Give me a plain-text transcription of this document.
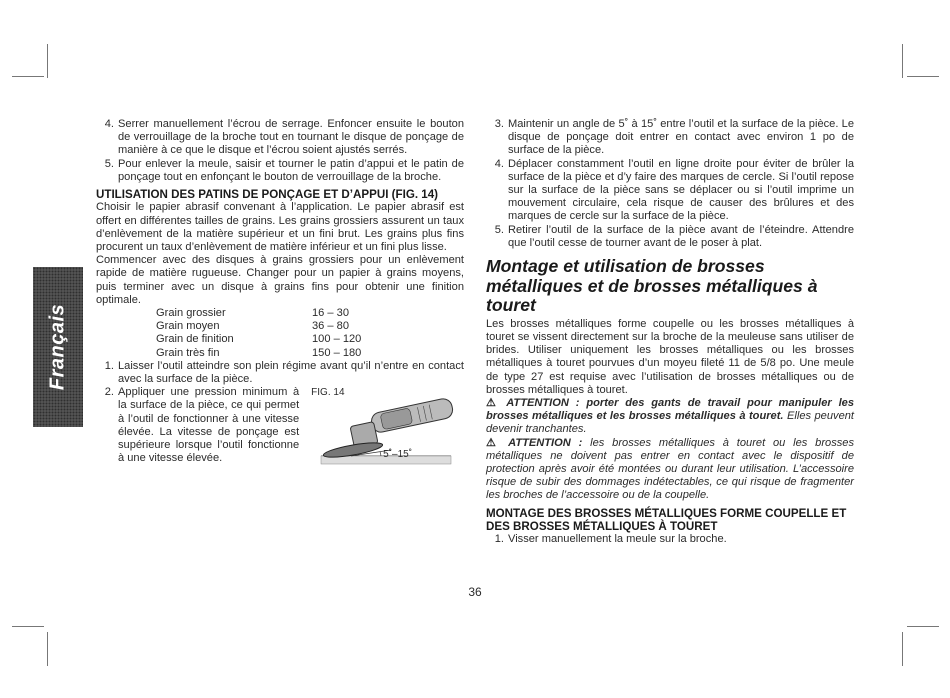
Français
4. Serrer manuellement l’écrou de serrage. Enfoncer ensuite le bouton de verrouillage de la broche tout en tournant le disque de ponçage de manière à ce que le disque et l’écrou soient ajustés serrés.
5. Pour enlever la meule, saisir et tourner le patin d’appui et le patin de ponçage tout en enfonçant le bouton de verrouillage de la broche.
UTILISATION DES PATINS DE PONÇAGE ET D’APPUI (FIG. 14)

Choisir le papier abrasif convenant à l’application. Le papier abrasif est offert en différentes tailles de grains. Les grains grossiers assurent un taux d’enlèvement de la matière supérieur et un fini brut. Les grains plus fins procurent un taux d’enlèvement de matière inférieur et un fini plus lisse.

Commencer avec des disques à grains grossiers pour un enlèvement rapide de matière rugueuse. Changer pour un papier à grains moyens, puis terminer avec un disque à grains fins pour obtenir une finition optimale.

Grain grossier	16 – 30
Grain moyen	36 – 80
Grain de finition	100 – 120
Grain très fin	150 – 180
1. Laisser l’outil atteindre son plein régime avant qu’il n’entre en contact avec la surface de la pièce.
2. Appliquer une pression minimum à la surface de la pièce, ce qui permet à l’outil de fonctionner à une vitesse élevée. La vitesse de ponçage est supérieure lorsque l’outil fonctionne à une vitesse élevée.
FIG. 14
5˚–15˚
3. Maintenir un angle de 5˚ à 15˚ entre l’outil et la surface de la pièce. Le disque de ponçage doit entrer en contact avec environ 1 po de surface de la pièce.
4. Déplacer constamment l’outil en ligne droite pour éviter de brûler la surface de la pièce et d’y faire des marques de cercle. Si l’outil repose sur la surface de la pièce sans se déplacer ou si l’outil imprime un mouvement circulaire, cela risque de causer des brûlures et des marques de cercle sur la surface de la pièce.
5. Retirer l’outil de la surface de la pièce avant de l’éteindre. Attendre que l’outil cesse de tourner avant de le poser à plat.
Montage et utilisation de brosses métalliques et de brosses métalliques à touret

Les brosses métalliques forme coupelle ou les brosses métalliques à touret se vissent directement sur la broche de la meuleuse sans utiliser de brides. Utiliser uniquement les brosses métalliques ou les brosses métalliques à touret pourvues d’un moyeu fileté 11 de 5/8 po. Une meule de type 27 est requise avec l’utilisation de brosses métalliques ou de brosses métalliques à touret.

⚠ ATTENTION : porter des gants de travail pour manipuler les brosses métalliques et les brosses métalliques à touret. Elles peuvent devenir tranchantes.

⚠ ATTENTION : les brosses métalliques à touret ou les brosses métalliques ne doivent pas entrer en contact avec le dispositif de protection après avoir été montées ou durant leur utilisation. L’accessoire risque de subir des dommages indétectables, ce qui risque de fragmenter les broches de l’accessoire ou de la coupelle.

MONTAGE DES BROSSES MÉTALLIQUES FORME COUPELLE ET DES BROSSES MÉTALLIQUES À TOURET
1. Visser manuellement la meule sur la broche.
36
